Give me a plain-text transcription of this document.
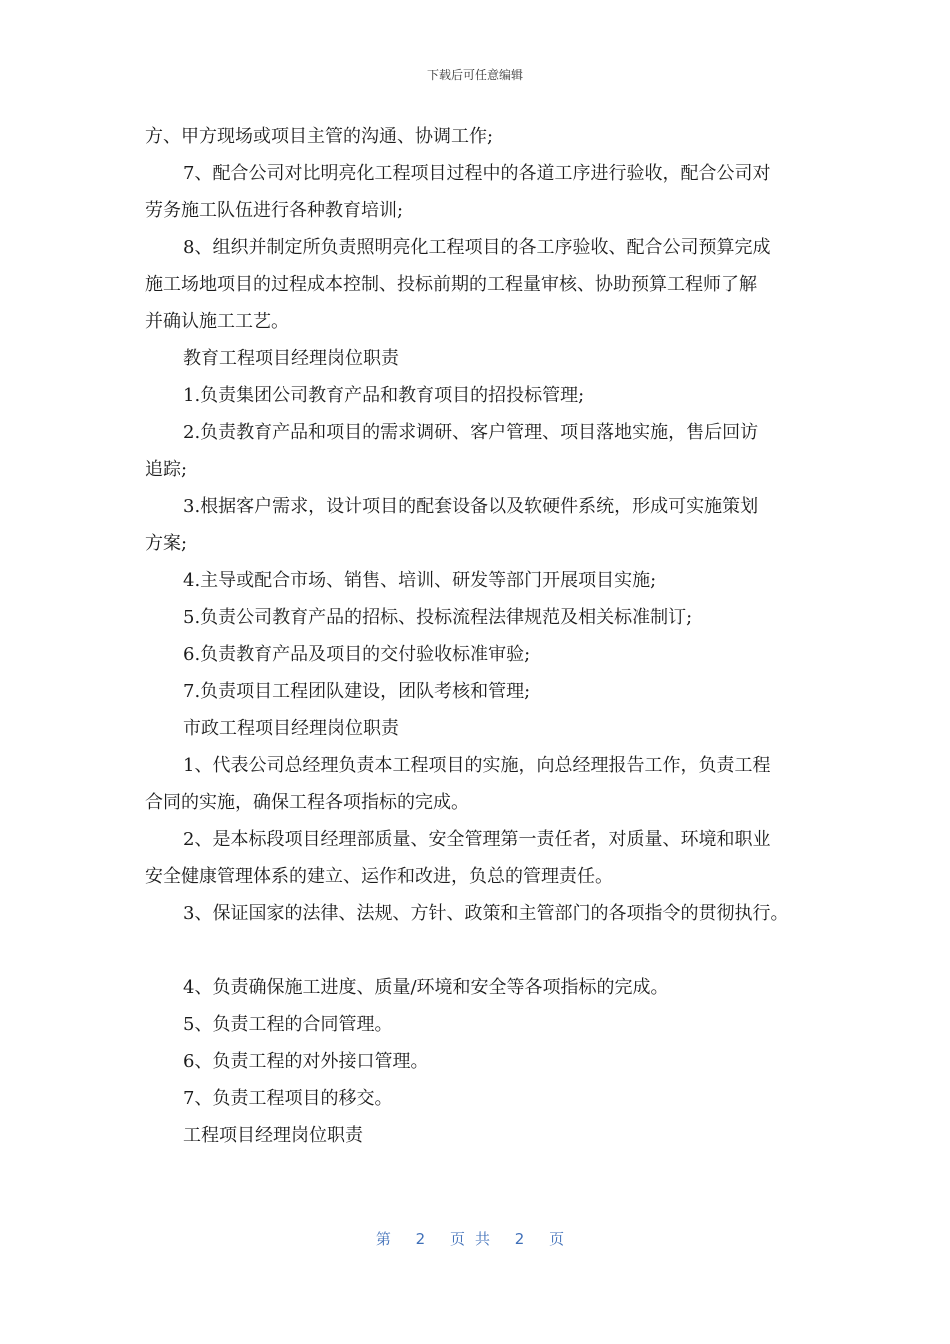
下载后可任意编辑
方、甲方现场或项目主管的沟通、协调工作;
7、配合公司对比明亮化工程项目过程中的各道工序进行验收，配合公司对
劳务施工队伍进行各种教育培训;
8、组织并制定所负责照明亮化工程项目的各工序验收、配合公司预算完成
施工场地项目的过程成本控制、投标前期的工程量审核、协助预算工程师了解
并确认施工工艺。
教育工程项目经理岗位职责
1.负责集团公司教育产品和教育项目的招投标管理;
2.负责教育产品和项目的需求调研、客户管理、项目落地实施，售后回访
追踪;
3.根据客户需求，设计项目的配套设备以及软硬件系统，形成可实施策划
方案;
4.主导或配合市场、销售、培训、研发等部门开展项目实施;
5.负责公司教育产品的招标、投标流程法律规范及相关标准制订;
6.负责教育产品及项目的交付验收标准审验;
7.负责项目工程团队建设，团队考核和管理;
市政工程项目经理岗位职责
1、代表公司总经理负责本工程项目的实施，向总经理报告工作，负责工程
合同的实施，确保工程各项指标的完成。
2、是本标段项目经理部质量、安全管理第一责任者，对质量、环境和职业
安全健康管理体系的建立、运作和改进，负总的管理责任。
3、保证国家的法律、法规、方针、政策和主管部门的各项指令的贯彻执行。
4、负责确保施工进度、质量/环境和安全等各项指标的完成。
5、负责工程的合同管理。
6、负责工程的对外接口管理。
7、负责工程项目的移交。
工程项目经理岗位职责
第 2 页共 2 页
